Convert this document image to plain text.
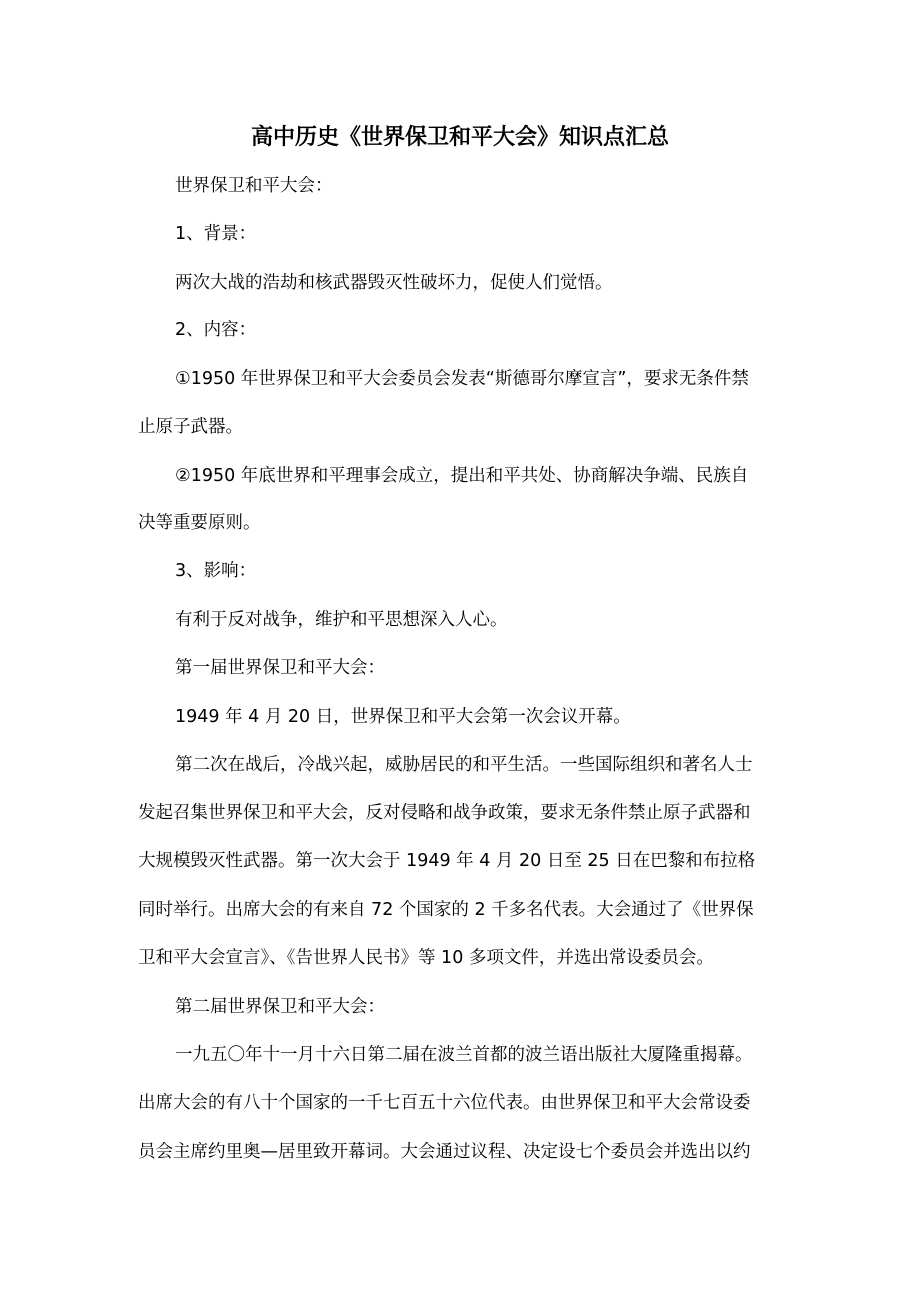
高中历史《世界保卫和平大会》知识点汇总
世界保卫和平大会：
1、背景：
两次大战的浩劫和核武器毁灭性破坏力，促使人们觉悟。
2、内容：
①1950 年世界保卫和平大会委员会发表“斯德哥尔摩宣言”，要求无条件禁
止原子武器。
②1950 年底世界和平理事会成立，提出和平共处、协商解决争端、民族自
决等重要原则。
3、影响：
有利于反对战争，维护和平思想深入人心。
第一届世界保卫和平大会：
1949 年 4 月 20 日，世界保卫和平大会第一次会议开幕。
第二次在战后，冷战兴起，威胁居民的和平生活。一些国际组织和著名人士
发起召集世界保卫和平大会，反对侵略和战争政策，要求无条件禁止原子武器和
大规模毁灭性武器。第一次大会于 1949 年 4 月 20 日至 25 日在巴黎和布拉格
同时举行。出席大会的有来自 72 个国家的 2 千多名代表。大会通过了《世界保
卫和平大会宣言》、《告世界人民书》等 10 多项文件，并选出常设委员会。
第二届世界保卫和平大会：
一九五〇年十一月十六日第二届在波兰首都的波兰语出版社大厦隆重揭幕。
出席大会的有八十个国家的一千七百五十六位代表。由世界保卫和平大会常设委
员会主席约里奥—居里致开幕词。大会通过议程、决定设七个委员会并选出以约
